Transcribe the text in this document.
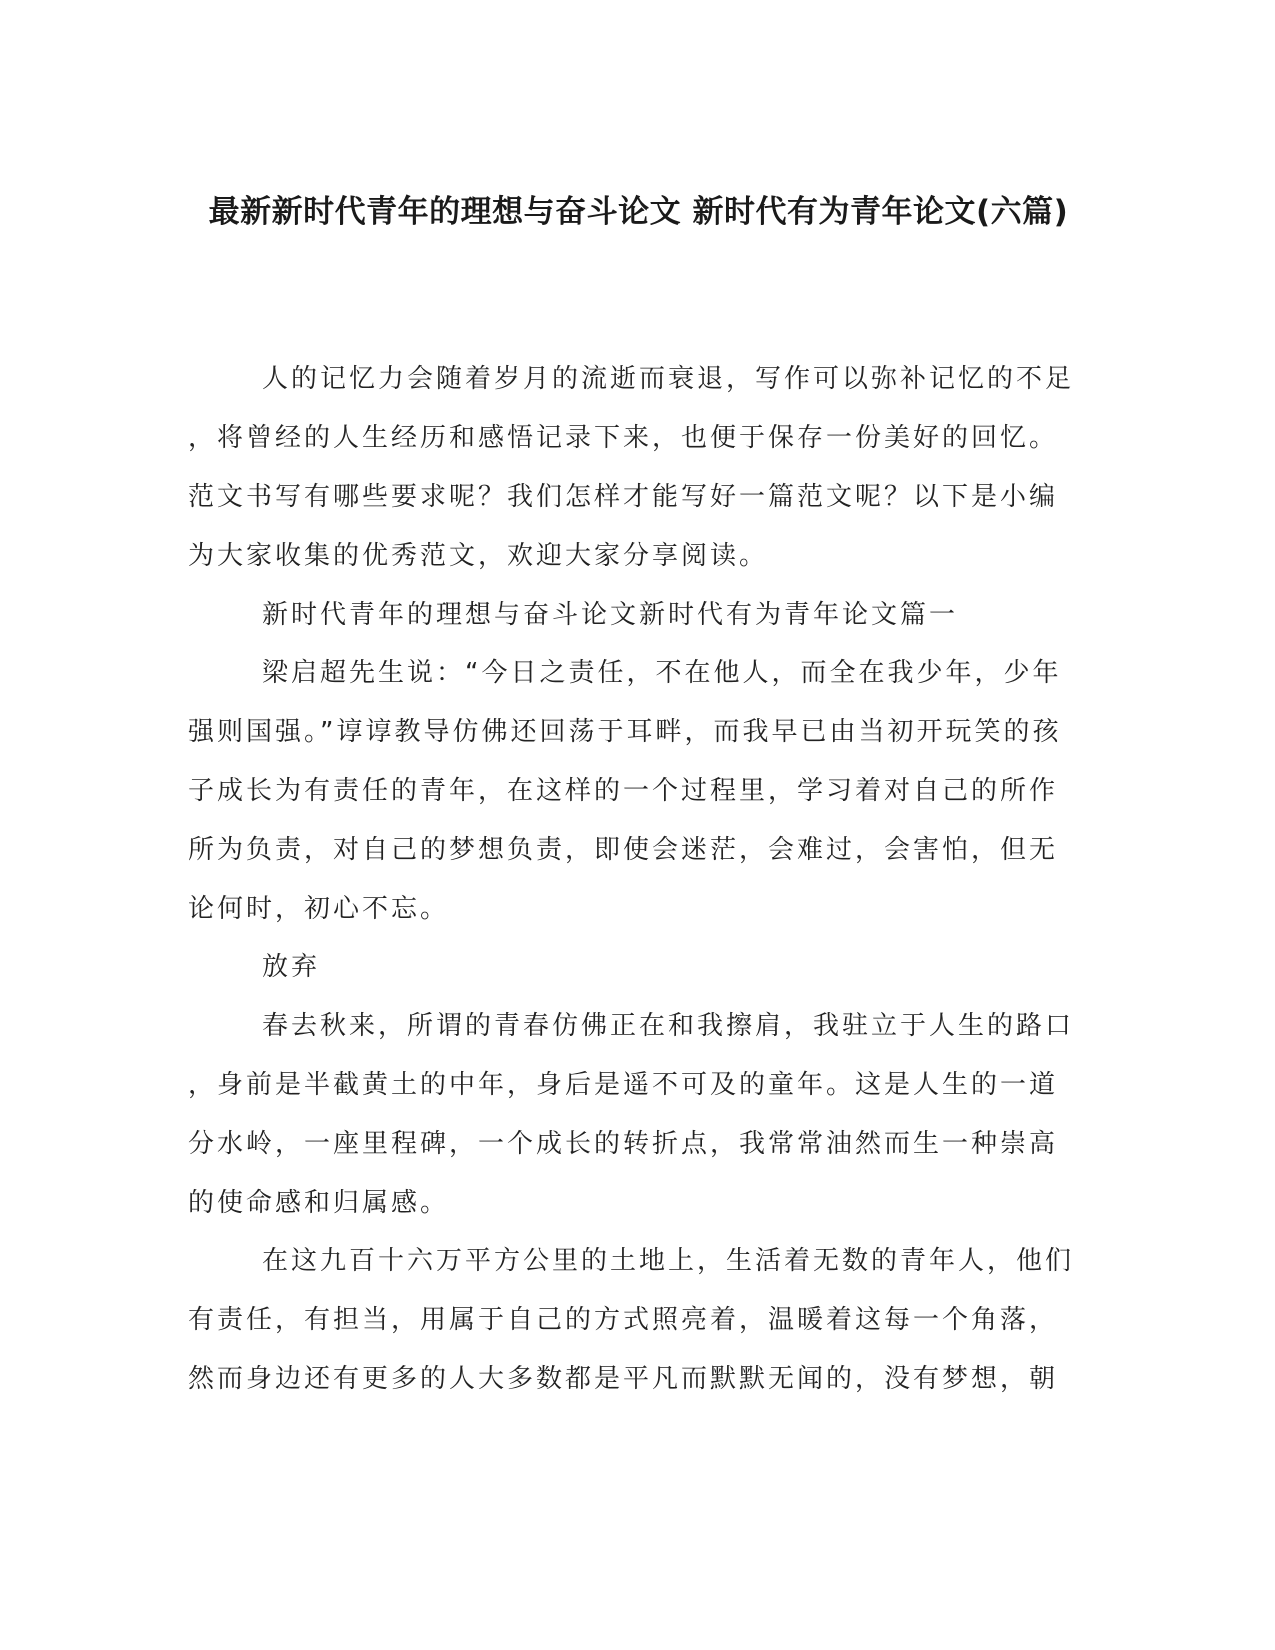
最新新时代青年的理想与奋斗论文 新时代有为青年论文(六篇)

人的记忆力会随着岁月的流逝而衰退，写作可以弥补记忆的不足

，将曾经的人生经历和感悟记录下来，也便于保存一份美好的回忆。

范文书写有哪些要求呢？我们怎样才能写好一篇范文呢？以下是小编

为大家收集的优秀范文，欢迎大家分享阅读。

新时代青年的理想与奋斗论文新时代有为青年论文篇一

梁启超先生说：“今日之责任，不在他人，而全在我少年，少年

强则国强。”谆谆教导仿佛还回荡于耳畔，而我早已由当初开玩笑的孩

子成长为有责任的青年，在这样的一个过程里，学习着对自己的所作

所为负责，对自己的梦想负责，即使会迷茫，会难过，会害怕，但无

论何时，初心不忘。

放弃

春去秋来，所谓的青春仿佛正在和我擦肩，我驻立于人生的路口

，身前是半截黄土的中年，身后是遥不可及的童年。这是人生的一道

分水岭，一座里程碑，一个成长的转折点，我常常油然而生一种崇高

的使命感和归属感。

在这九百十六万平方公里的土地上，生活着无数的青年人，他们

有责任，有担当，用属于自己的方式照亮着，温暖着这每一个角落，

然而身边还有更多的人大多数都是平凡而默默无闻的，没有梦想，朝
